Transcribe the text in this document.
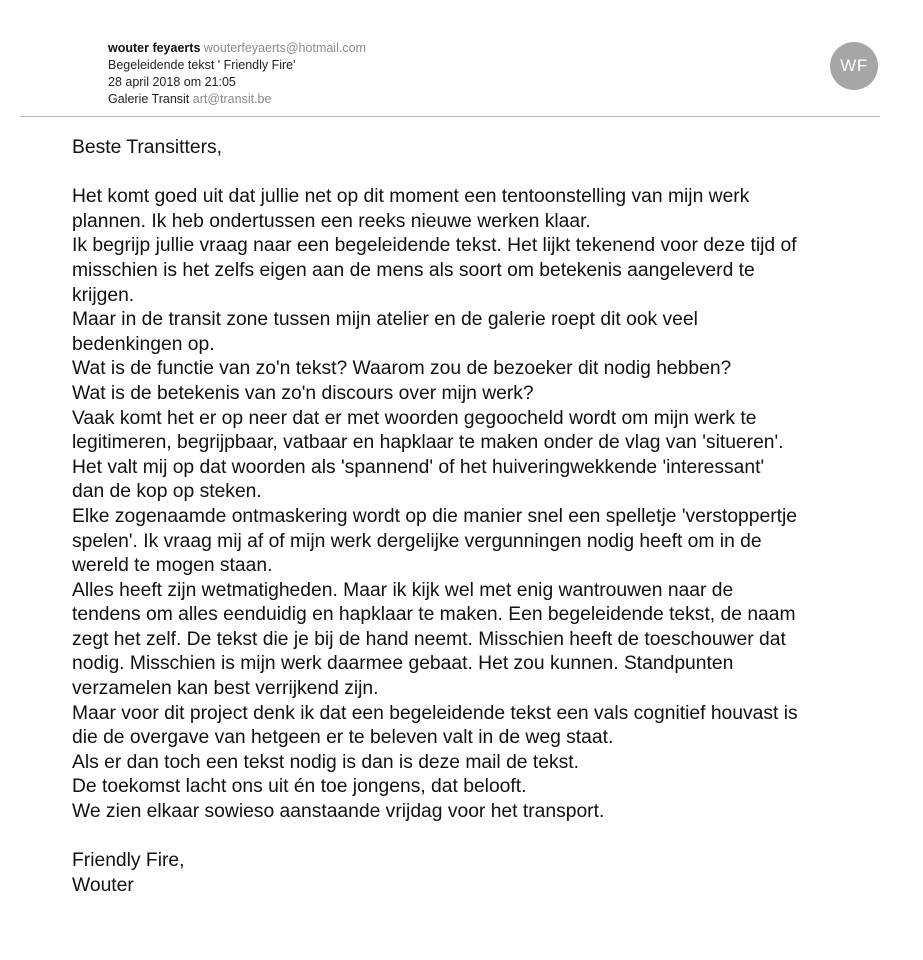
wouter feyaerts wouterfeyaerts@hotmail.com
Begeleidende tekst ' Friendly Fire'
28 april 2018 om 21:05
Galerie Transit art@transit.be
WF
Beste Transitters,
Het komt goed uit dat jullie net op dit moment een tentoonstelling van mijn werk
plannen. Ik heb ondertussen een reeks nieuwe werken klaar.
Ik begrijp jullie vraag naar een begeleidende tekst. Het lijkt tekenend voor deze tijd of
misschien is het zelfs eigen aan de mens als soort om betekenis aangeleverd te
krijgen.
Maar in de transit zone tussen mijn atelier en de galerie roept dit ook veel
bedenkingen op.
Wat is de functie van zo'n tekst? Waarom zou de bezoeker dit nodig hebben?
Wat is de betekenis van zo'n discours over mijn werk?
Vaak komt het er op neer dat er met woorden gegoocheld wordt om mijn werk te
legitimeren, begrijpbaar, vatbaar en hapklaar te maken onder de vlag van 'situeren'.
Het valt mij op dat woorden als 'spannend' of het huiveringwekkende 'interessant'
dan de kop op steken.
Elke zogenaamde ontmaskering wordt op die manier snel een spelletje 'verstoppertje
spelen'. Ik vraag mij af of mijn werk dergelijke vergunningen nodig heeft om in de
wereld te mogen staan.
Alles heeft zijn wetmatigheden. Maar ik kijk wel met enig wantrouwen naar de
tendens om alles eenduidig en hapklaar te maken. Een begeleidende tekst, de naam
zegt het zelf. De tekst die je bij de hand neemt. Misschien heeft de toeschouwer dat
nodig. Misschien is mijn werk daarmee gebaat. Het zou kunnen. Standpunten
verzamelen kan best verrijkend zijn.
Maar voor dit project denk ik dat een begeleidende tekst een vals cognitief houvast is
die de overgave van hetgeen er te beleven valt in de weg staat.
Als er dan toch een tekst nodig is dan is deze mail de tekst.
De toekomst lacht ons uit én toe jongens, dat belooft.
We zien elkaar sowieso aanstaande vrijdag voor het transport.
Friendly Fire,
Wouter
